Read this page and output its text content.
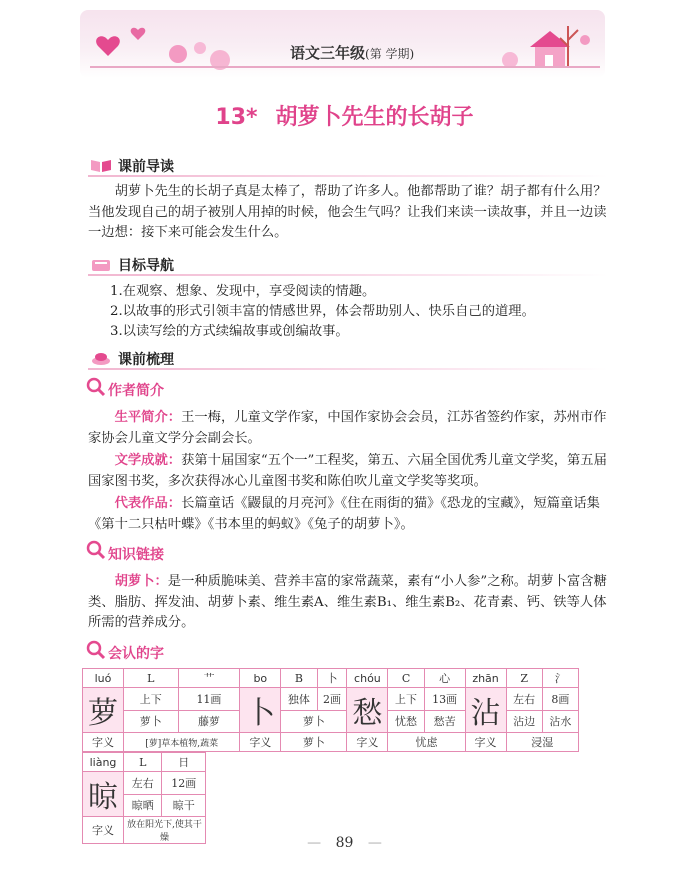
语文三年级(第 学期)
13* 胡萝卜先生的长胡子
课前导读
胡萝卜先生的长胡子真是太棒了，帮助了许多人。他都帮助了谁？胡子都有什么用？当他发现自己的胡子被别人用掉的时候，他会生气吗？让我们来读一读故事，并且一边读一边想：接下来可能会发生什么。
目标导航
1.在观察、想象、发现中，享受阅读的情趣。
2.以故事的形式引领丰富的情感世界，体会帮助别人、快乐自己的道理。
3.以读写绘的方式续编故事或创编故事。
课前梳理
作者简介
生平简介：王一梅，儿童文学作家，中国作家协会会员，江苏省签约作家，苏州市作家协会儿童文学分会副会长。
文学成就：获第十届国家“五个一”工程奖，第五、六届全国优秀儿童文学奖，第五届国家图书奖，多次获得冰心儿童图书奖和陈伯吹儿童文学奖等奖项。
代表作品：长篇童话《鼹鼠的月亮河》《住在雨街的猫》《恐龙的宝藏》，短篇童话集《第十二只枯叶蝶》《书本里的蚂蚁》《兔子的胡萝卜》。
知识链接
胡萝卜：是一种质脆味美、营养丰富的家常蔬菜，素有“小人参”之称。胡萝卜富含糖类、脂肪、挥发油、胡萝卜素、维生素A、维生素B₁、维生素B₂、花青素、钙、铁等人体所需的营养成分。
会认的字
luó	L	艹	bo	B	卜	chóu	C	心	zhān	Z	氵
萝	上下	11画	卜	独体	2画	愁	上下	13画	沾	左右	8画
	萝卜	藤萝		萝卜			忧愁	愁苦		沾边	沾水
字义	[萝]草本植物,蔬菜		字义	萝卜		字义	忧虑		字义	浸湿	
liàng	L	日
晾	左右	12画
	晾晒	晾干
字义	放在阳光下,使其干燥		— 89 —
